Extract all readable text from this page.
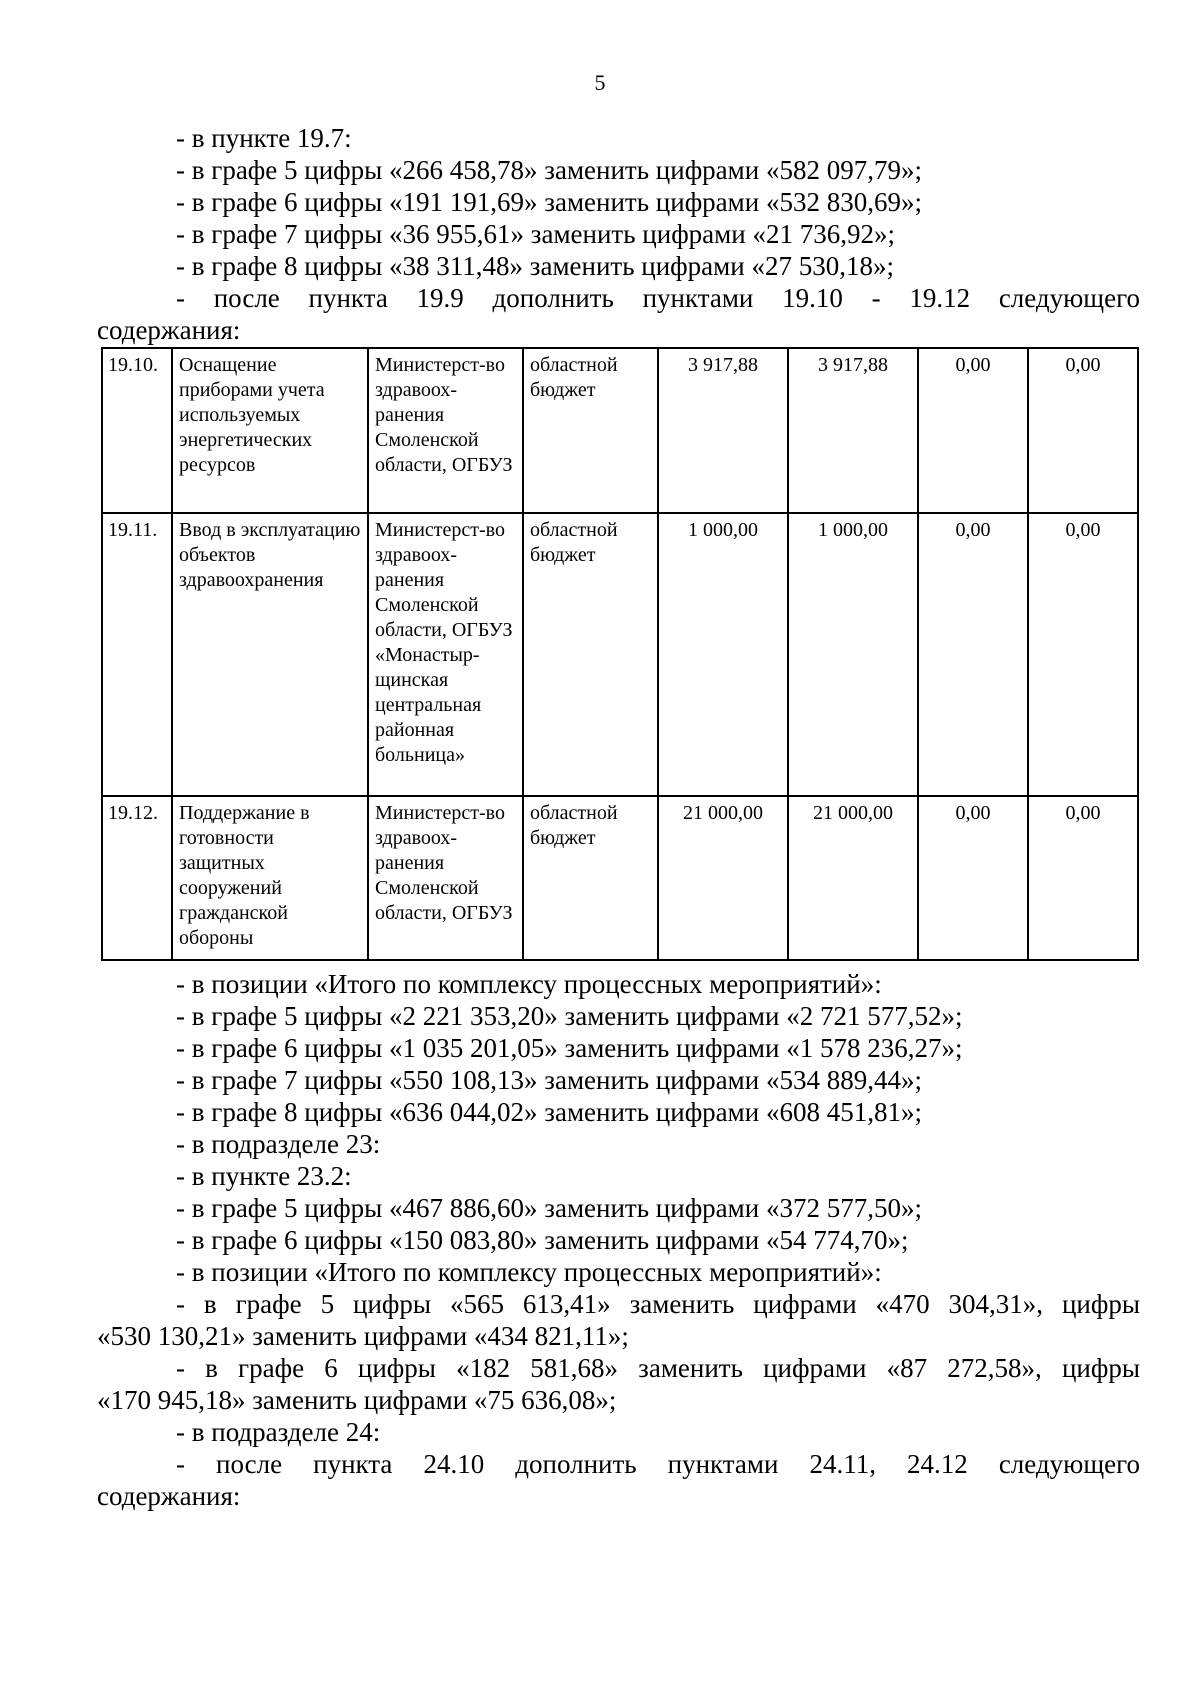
5

- в пункте 19.7:

- в графе 5 цифры «266 458,78» заменить цифрами «582 097,79»;

- в графе 6 цифры «191 191,69» заменить цифрами «532 830,69»;

- в графе 7 цифры «36 955,61» заменить цифрами «21 736,92»;

- в графе 8 цифры «38 311,48» заменить цифрами «27 530,18»;

- после пункта 19.9 дополнить пунктами 19.10 - 19.12 следующего

содержания:

19.10.	Оснащение приборами учета используемых энергетических ресурсов	Министерст-во здравоох-ранения Смоленской области, ОГБУЗ	областной бюджет	3 917,88	3 917,88	0,00	0,00
19.11.	Ввод в эксплуатацию объектов здравоохранения	Министерст-во здравоох-ранения Смоленской области, ОГБУЗ «Монастыр-щинская центральная районная больница»	областной бюджет	1 000,00	1 000,00	0,00	0,00
19.12.	Поддержание в готовности защитных сооружений гражданской обороны	Министерст-во здравоох-ранения Смоленской области, ОГБУЗ	областной бюджет	21 000,00	21 000,00	0,00	0,00

- в позиции «Итого по комплексу процессных мероприятий»:

- в графе 5 цифры «2 221 353,20» заменить цифрами «2 721 577,52»;

- в графе 6 цифры «1 035 201,05» заменить цифрами «1 578 236,27»;

- в графе 7 цифры «550 108,13» заменить цифрами «534 889,44»;

- в графе 8 цифры «636 044,02» заменить цифрами «608 451,81»;

- в подразделе 23:

- в пункте 23.2:

- в графе 5 цифры «467 886,60» заменить цифрами «372 577,50»;

- в графе 6 цифры «150 083,80» заменить цифрами «54 774,70»;

- в позиции «Итого по комплексу процессных мероприятий»:

- в графе 5 цифры «565 613,41» заменить цифрами «470 304,31», цифры

«530 130,21» заменить цифрами «434 821,11»;

- в графе 6 цифры «182 581,68» заменить цифрами «87 272,58», цифры

«170 945,18» заменить цифрами «75 636,08»;

- в подразделе 24:

- после пункта 24.10 дополнить пунктами 24.11, 24.12 следующего

содержания:
